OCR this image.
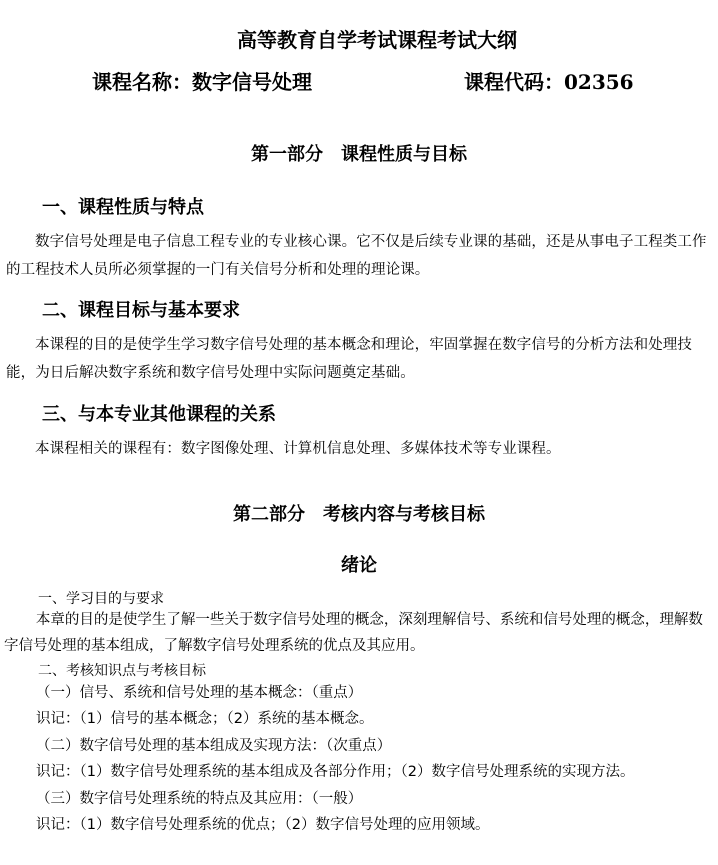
高等教育自学考试课程考试大纲
课程名称：数字信号处理	课程代码：02356
第一部分　课程性质与目标
一、课程性质与特点
数字信号处理是电子信息工程专业的专业核心课。它不仅是后续专业课的基础，还是从事电子工程类工作的工程技术人员所必须掌握的一门有关信号分析和处理的理论课。
二、课程目标与基本要求
本课程的目的是使学生学习数字信号处理的基本概念和理论，牢固掌握在数字信号的分析方法和处理技能，为日后解决数字系统和数字信号处理中实际问题奠定基础。
三、与本专业其他课程的关系
本课程相关的课程有：数字图像处理、计算机信息处理、多媒体技术等专业课程。
第二部分　考核内容与考核目标
绪论
一、学习目的与要求
本章的目的是使学生了解一些关于数字信号处理的概念，深刻理解信号、系统和信号处理的概念，理解数字信号处理的基本组成，了解数字信号处理系统的优点及其应用。
二、考核知识点与考核目标
（一）信号、系统和信号处理的基本概念：（重点）
识记：（1）信号的基本概念；（2）系统的基本概念。
（二）数字信号处理的基本组成及实现方法：（次重点）
识记：（1）数字信号处理系统的基本组成及各部分作用；（2）数字信号处理系统的实现方法。
（三）数字信号处理系统的特点及其应用：（一般）
识记：（1）数字信号处理系统的优点；（2）数字信号处理的应用领域。
